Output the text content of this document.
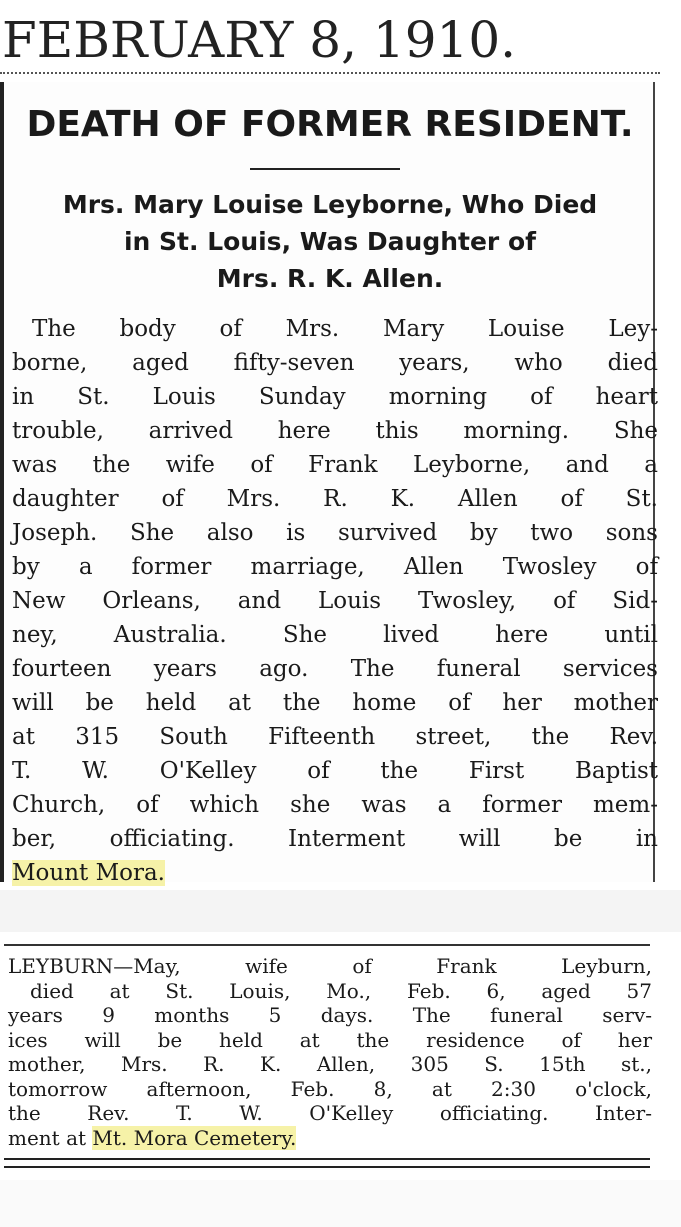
FEBRUARY 8, 1910.
DEATH OF FORMER RESIDENT.
Mrs. Mary Louise Leyborne, Who Died
in St. Louis, Was Daughter of
Mrs. R. K. Allen.
The body of Mrs. Mary Louise Ley-
borne, aged fifty-seven years, who died
in St. Louis Sunday morning of heart
trouble, arrived here this morning. She
was the wife of Frank Leyborne, and a
daughter of Mrs. R. K. Allen of St.
Joseph. She also is survived by two sons
by a former marriage, Allen Twosley of
New Orleans, and Louis Twosley, of Sid-
ney, Australia. She lived here until
fourteen years ago. The funeral services
will be held at the home of her mother
at 315 South Fifteenth street, the Rev.
T. W. O'Kelley of the First Baptist
Church, of which she was a former mem-
ber, officiating. Interment will be in
Mount Mora.
LEYBURN—May, wife of Frank Leyburn,
died at St. Louis, Mo., Feb. 6, aged 57
years 9 months 5 days. The funeral serv-
ices will be held at the residence of her
mother, Mrs. R. K. Allen, 305 S. 15th st.,
tomorrow afternoon, Feb. 8, at 2:30 o'clock,
the Rev. T. W. O'Kelley officiating. Inter-
ment at Mt. Mora Cemetery.
